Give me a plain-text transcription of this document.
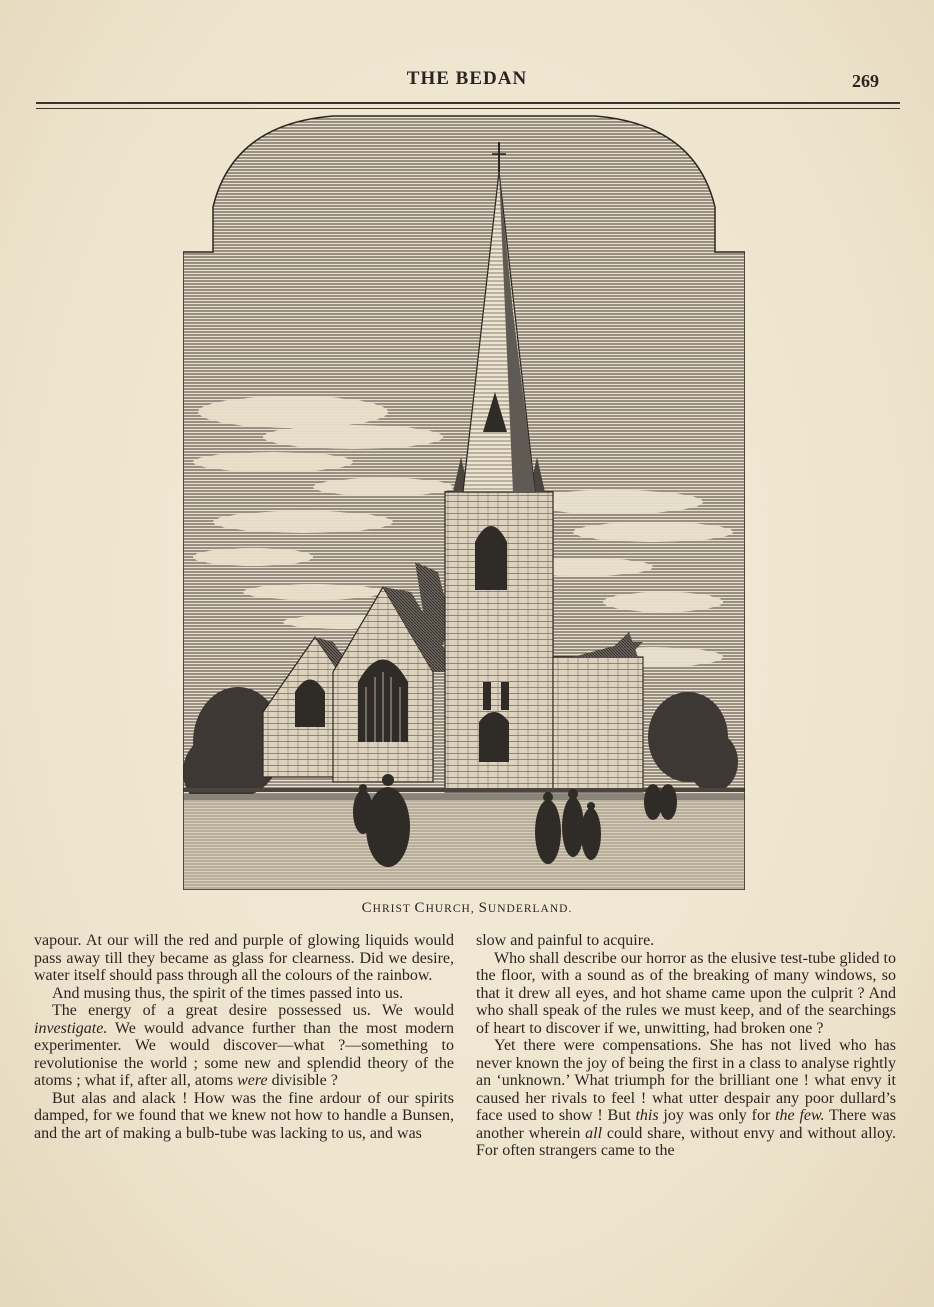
THE BEDAN	269
CHRIST CHURCH, SUNDERLAND.

vapour. At our will the red and purple of glowing liquids would pass away till they became as glass for clearness. Did we desire, water itself should pass through all the colours of the rainbow.

And musing thus, the spirit of the times passed into us.

The energy of a great desire possessed us. We would investigate. We would advance further than the most modern experimenter. We would discover—what ?—something to revolutionise the world ; some new and splendid theory of the atoms ; what if, after all, atoms were divisible ?

But alas and alack ! How was the fine ardour of our spirits damped, for we found that we knew not how to handle a Bunsen, and the art of making a bulb-tube was lacking to us, and was

slow and painful to acquire.

Who shall describe our horror as the elusive test-tube glided to the floor, with a sound as of the breaking of many windows, so that it drew all eyes, and hot shame came upon the culprit ? And who shall speak of the rules we must keep, and of the searchings of heart to discover if we, unwitting, had broken one ?

Yet there were compensations. She has not lived who has never known the joy of being the first in a class to analyse rightly an ‘unknown.’ What triumph for the brilliant one ! what envy it caused her rivals to feel ! what utter despair any poor dullard’s face used to show ! But this joy was only for the few. There was another wherein all could share, without envy and without alloy. For often strangers came to the
